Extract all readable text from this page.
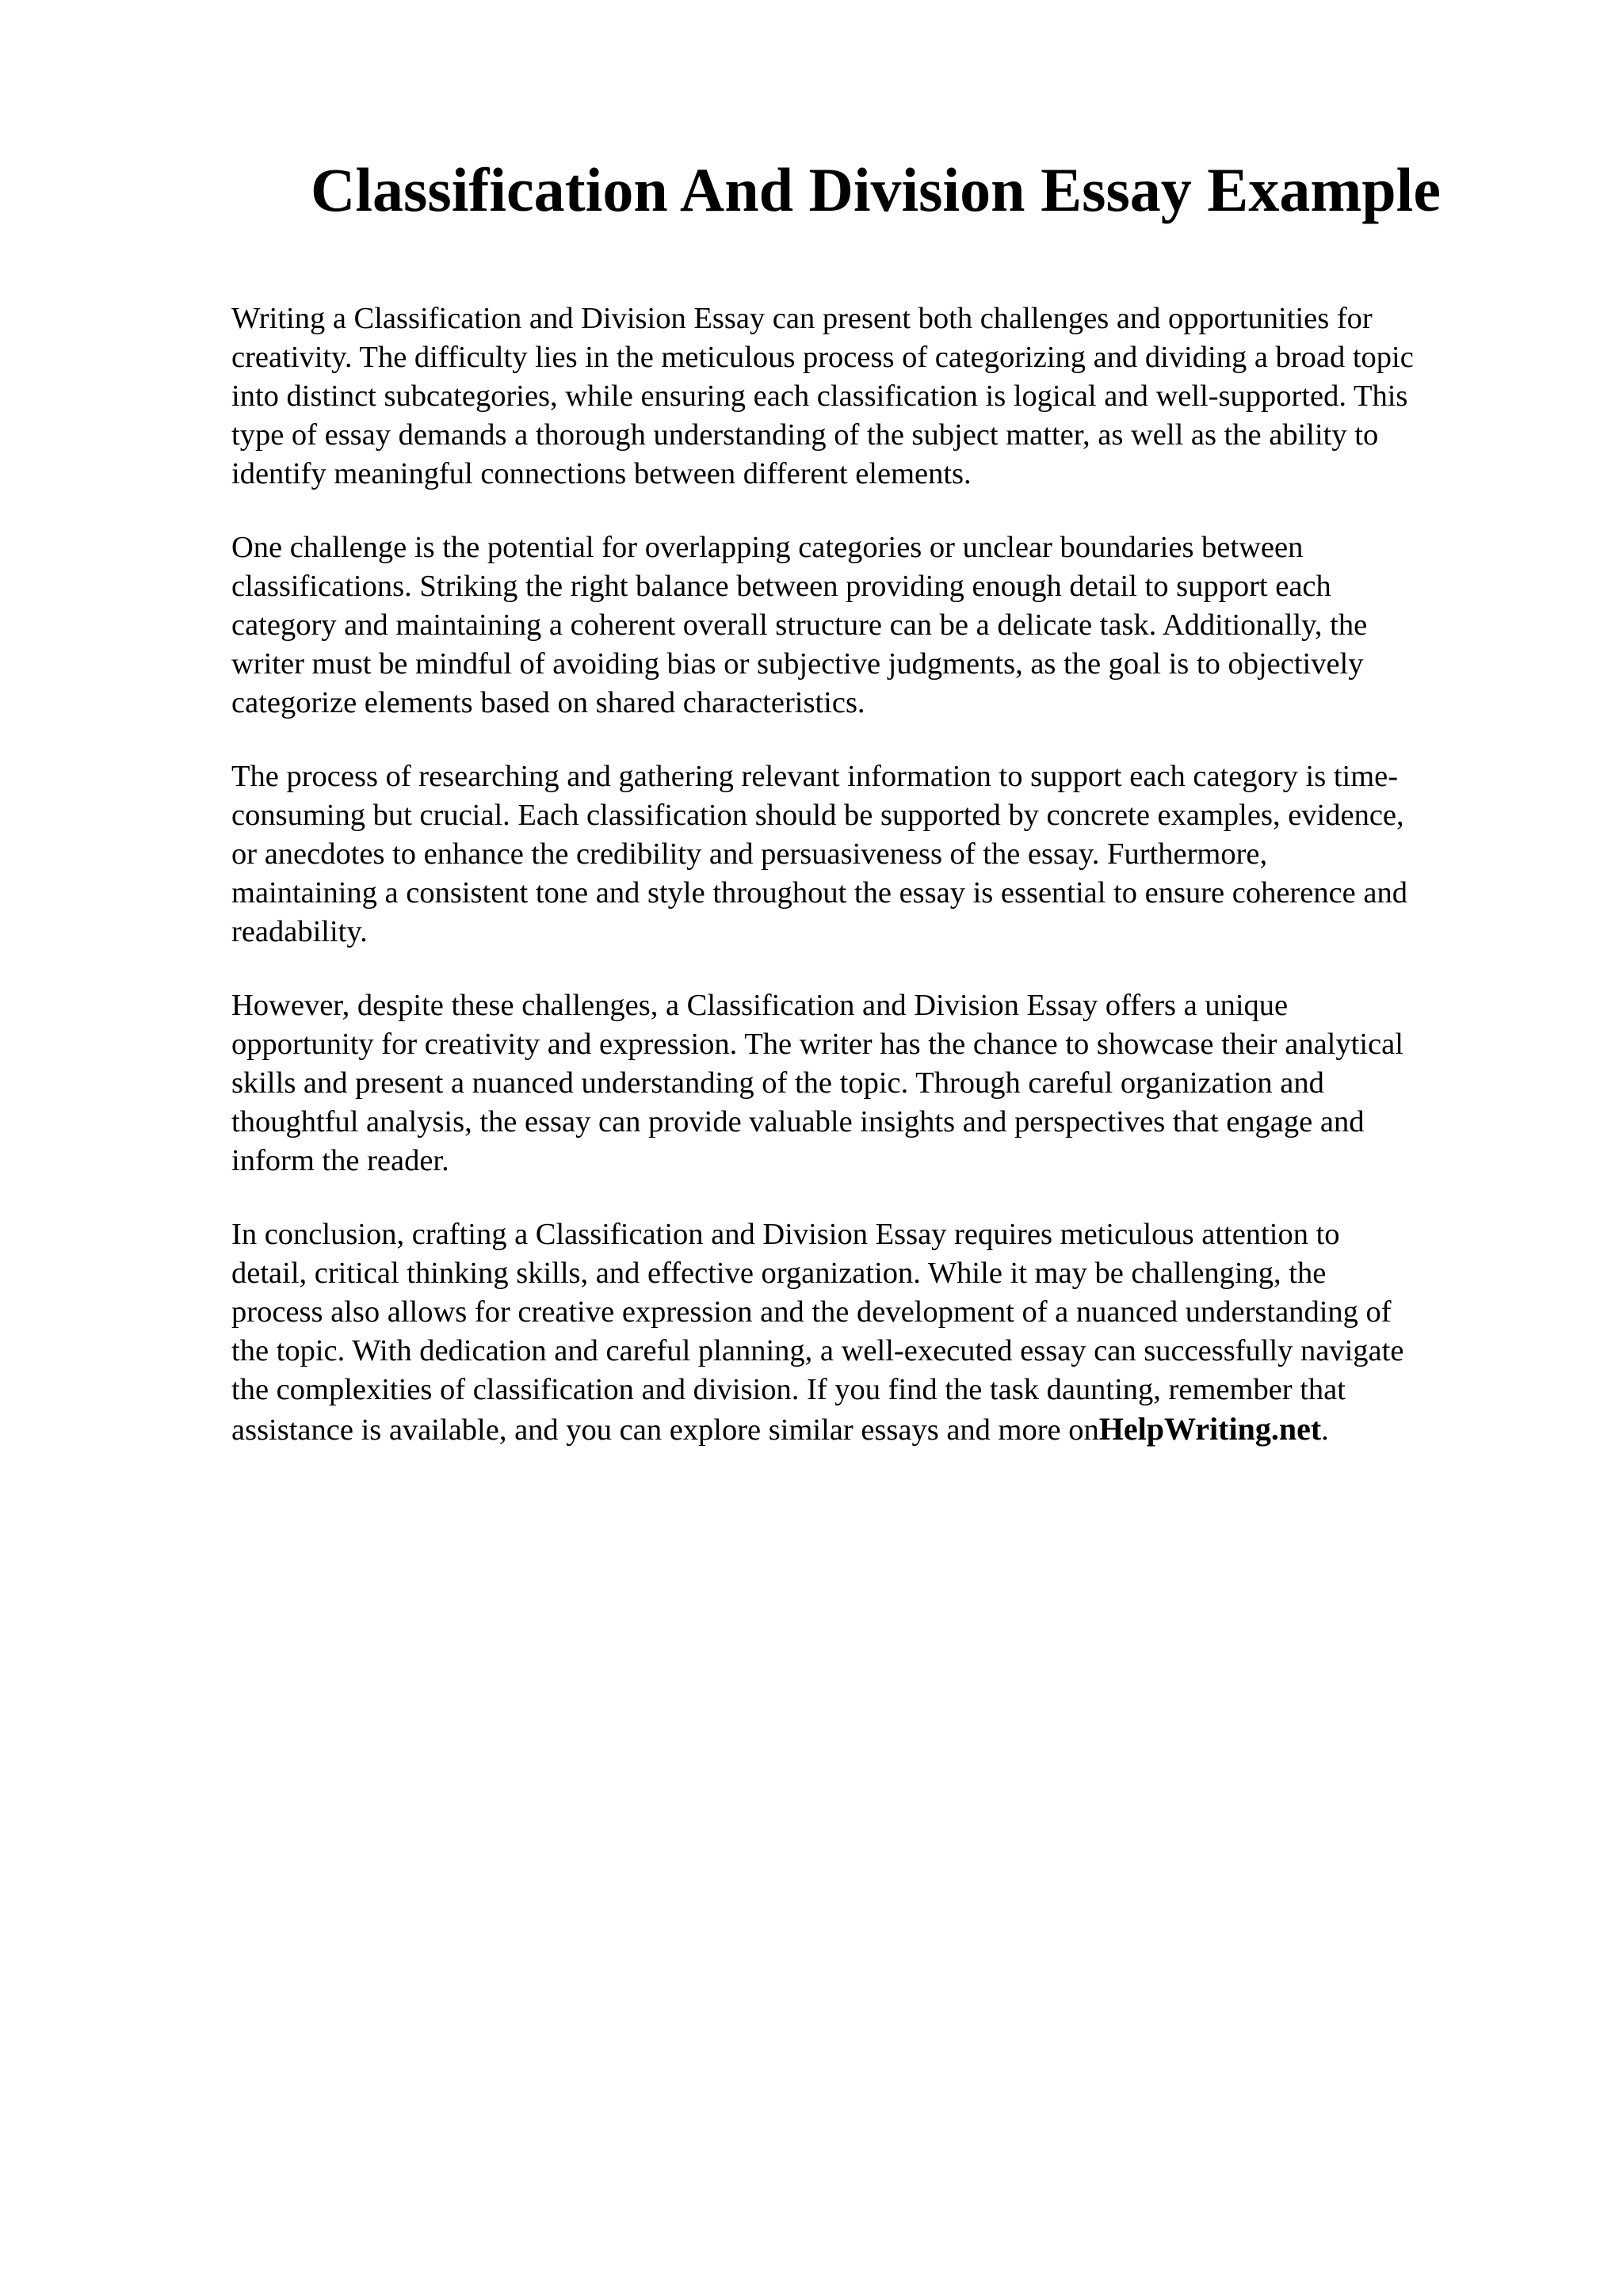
Classification And Division Essay Example

Writing a Classification and Division Essay can present both challenges and opportunities for
creativity. The difficulty lies in the meticulous process of categorizing and dividing a broad topic
into distinct subcategories, while ensuring each classification is logical and well-supported. This
type of essay demands a thorough understanding of the subject matter, as well as the ability to
identify meaningful connections between different elements.

One challenge is the potential for overlapping categories or unclear boundaries between
classifications. Striking the right balance between providing enough detail to support each
category and maintaining a coherent overall structure can be a delicate task. Additionally, the
writer must be mindful of avoiding bias or subjective judgments, as the goal is to objectively
categorize elements based on shared characteristics.

The process of researching and gathering relevant information to support each category is time-
consuming but crucial. Each classification should be supported by concrete examples, evidence,
or anecdotes to enhance the credibility and persuasiveness of the essay. Furthermore,
maintaining a consistent tone and style throughout the essay is essential to ensure coherence and
readability.

However, despite these challenges, a Classification and Division Essay offers a unique
opportunity for creativity and expression. The writer has the chance to showcase their analytical
skills and present a nuanced understanding of the topic. Through careful organization and
thoughtful analysis, the essay can provide valuable insights and perspectives that engage and
inform the reader.

In conclusion, crafting a Classification and Division Essay requires meticulous attention to
detail, critical thinking skills, and effective organization. While it may be challenging, the
process also allows for creative expression and the development of a nuanced understanding of
the topic. With dedication and careful planning, a well-executed essay can successfully navigate
the complexities of classification and division. If you find the task daunting, remember that
assistance is available, and you can explore similar essays and more onHelpWriting.net.
